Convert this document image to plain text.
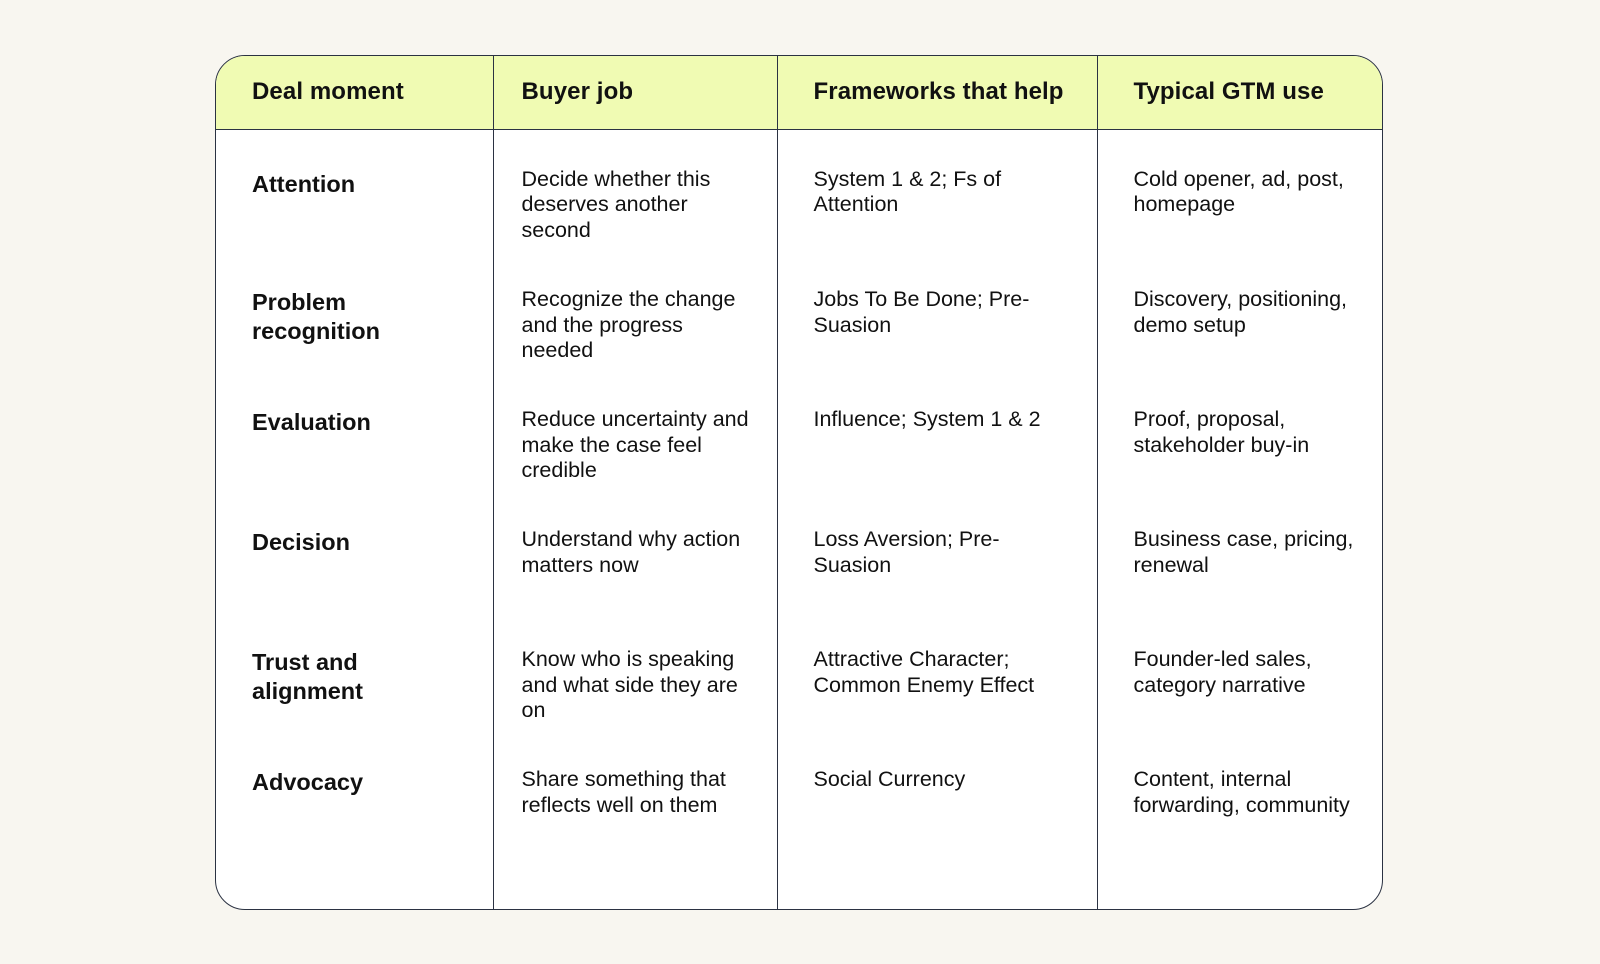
Deal moment	Buyer job	Frameworks that help	Typical GTM use
Attention	Decide whether this deserves another second	System 1 & 2; Fs of Attention	Cold opener, ad, post, homepage
Problem recognition	Recognize the change and the progress needed	Jobs To Be Done; Pre-Suasion	Discovery, positioning, demo setup
Evaluation	Reduce uncertainty and make the case feel credible	Influence; System 1 & 2	Proof, proposal, stakeholder buy-in
Decision	Understand why action matters now	Loss Aversion; Pre-Suasion	Business case, pricing, renewal
Trust and alignment	Know who is speaking and what side they are on	Attractive Character; Common Enemy Effect	Founder-led sales, category narrative
Advocacy	Share something that reflects well on them	Social Currency	Content, internal forwarding, community
